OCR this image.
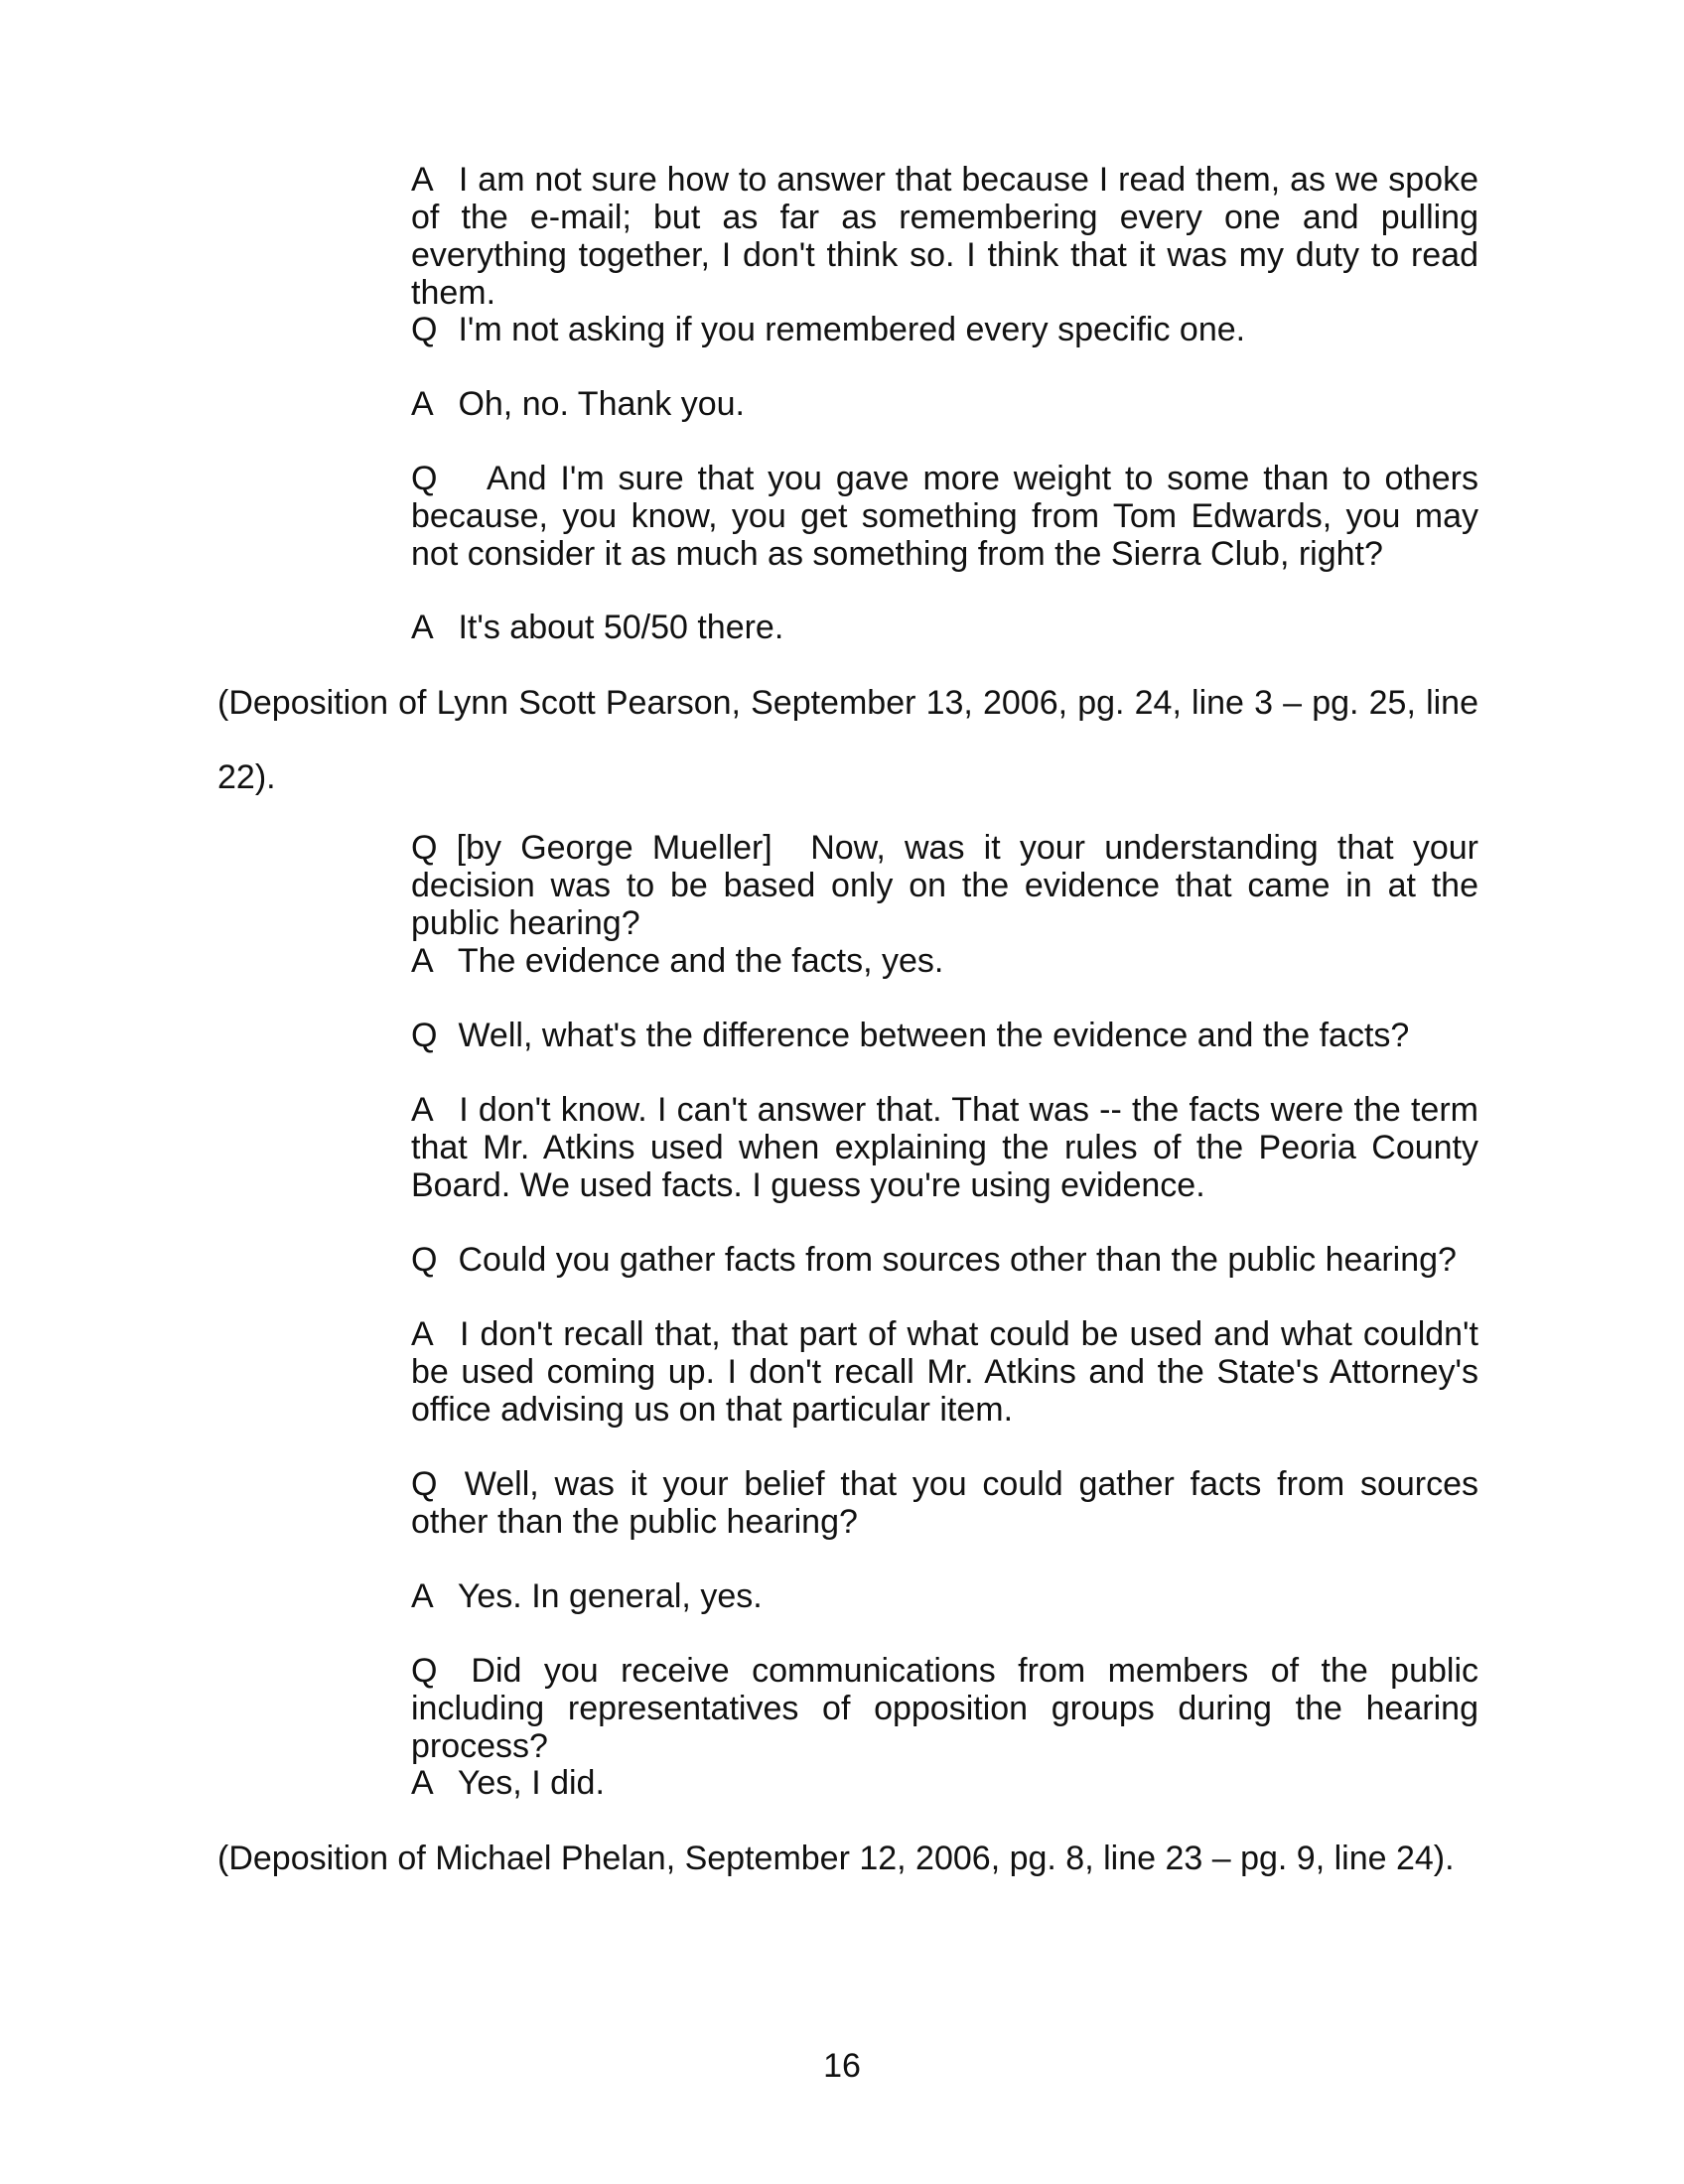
A I am not sure how to answer that because I read them, as we spoke of the e-mail; but as far as remembering every one and pulling everything together, I don't think so. I think that it was my duty to read them.

Q I'm not asking if you remembered every specific one.

A Oh, no. Thank you.

Q And I'm sure that you gave more weight to some than to others because, you know, you get something from Tom Edwards, you may not consider it as much as something from the Sierra Club, right?

A It's about 50/50 there.

(Deposition of Lynn Scott Pearson, September 13, 2006, pg. 24, line 3 – pg. 25, line

22).

Q [by George Mueller] Now, was it your understanding that your decision was to be based only on the evidence that came in at the public hearing?

A The evidence and the facts, yes.

Q Well, what's the difference between the evidence and the facts?

A I don't know. I can't answer that. That was -- the facts were the term that Mr. Atkins used when explaining the rules of the Peoria County Board. We used facts. I guess you're using evidence.

Q Could you gather facts from sources other than the public hearing?

A I don't recall that, that part of what could be used and what couldn't be used coming up. I don't recall Mr. Atkins and the State's Attorney's office advising us on that particular item.

Q Well, was it your belief that you could gather facts from sources other than the public hearing?

A Yes. In general, yes.

Q Did you receive communications from members of the public including representatives of opposition groups during the hearing process?

A Yes, I did.

(Deposition of Michael Phelan, September 12, 2006, pg. 8, line 23 – pg. 9, line 24).

16
